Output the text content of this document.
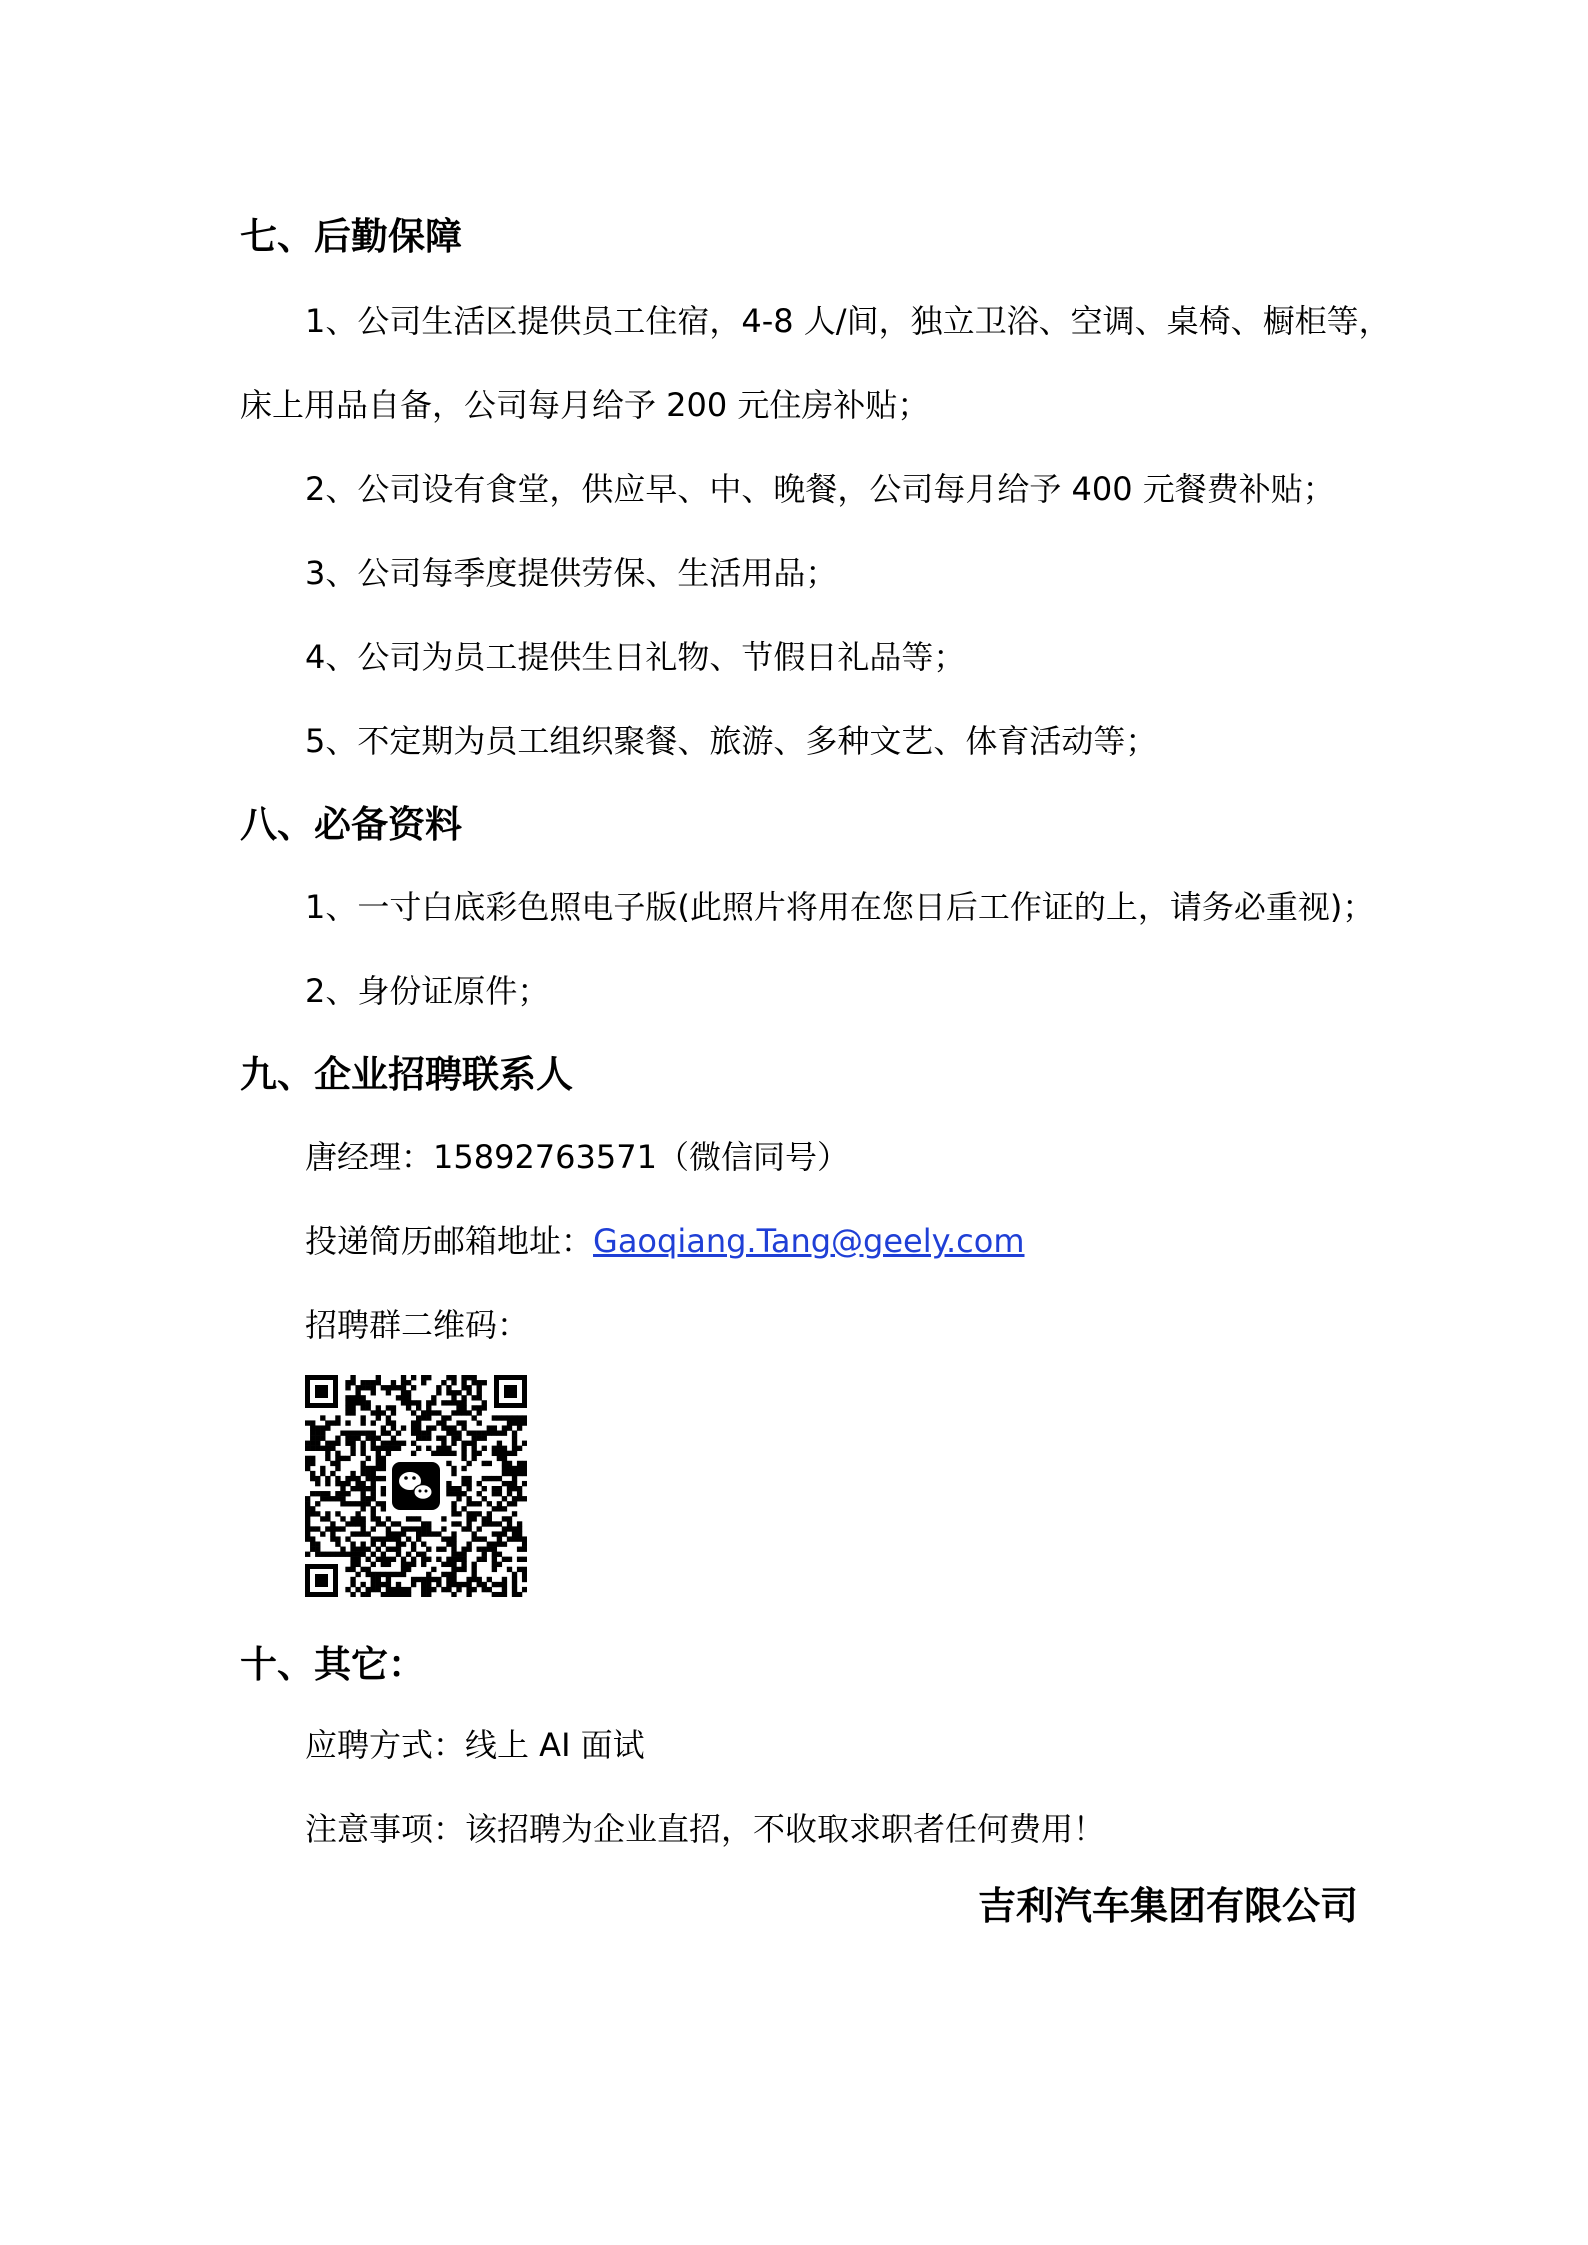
七、后勤保障
1、公司生活区提供员工住宿，4-8 人/间，独立卫浴、空调、桌椅、橱柜等，
床上用品自备，公司每月给予 200 元住房补贴；
2、公司设有食堂，供应早、中、晚餐，公司每月给予 400 元餐费补贴；
3、公司每季度提供劳保、生活用品；
4、公司为员工提供生日礼物、节假日礼品等；
5、不定期为员工组织聚餐、旅游、多种文艺、体育活动等；
八、必备资料
1、一寸白底彩色照电子版(此照片将用在您日后工作证的上，请务必重视)；
2、身份证原件；
九、企业招聘联系人
唐经理：15892763571（微信同号）
投递简历邮箱地址：Gaoqiang.Tang@geely.com
招聘群二维码：
十、其它：
应聘方式：线上 AI 面试
注意事项：该招聘为企业直招，不收取求职者任何费用！
吉利汽车集团有限公司
